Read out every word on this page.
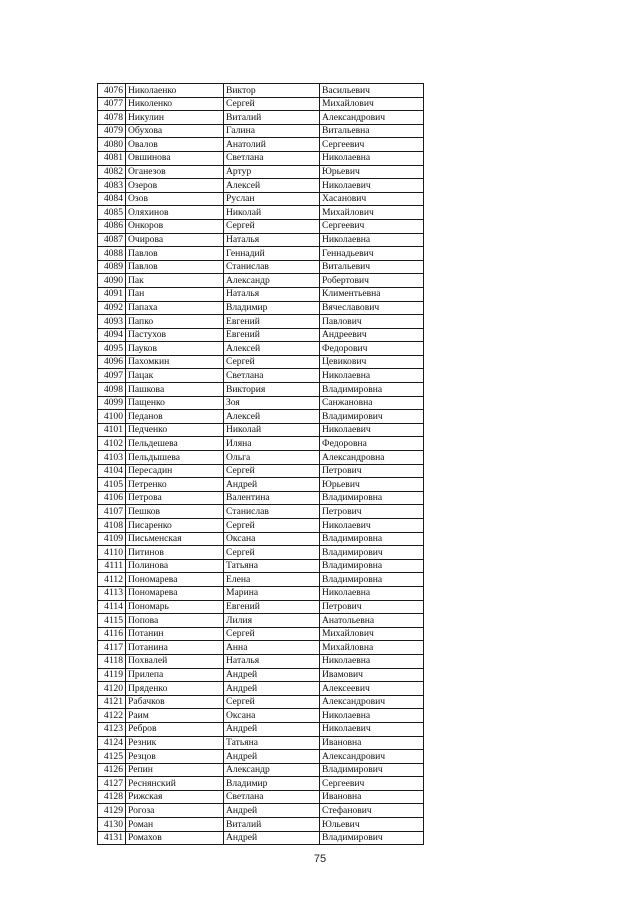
4076	Николаенко	Виктор	Васильевич
4077	Николенко	Сергей	Михайлович
4078	Никулин	Виталий	Александрович
4079	Обухова	Галина	Витальевна
4080	Овалов	Анатолий	Сергеевич
4081	Овшинова	Светлана	Николаевна
4082	Оганезов	Артур	Юрьевич
4083	Озеров	Алексей	Николаевич
4084	Озов	Руслан	Хасанович
4085	Оляхинов	Николай	Михайлович
4086	Онкоров	Сергей	Сергеевич
4087	Очирова	Наталья	Николаевна
4088	Павлов	Геннадий	Геннадьевич
4089	Павлов	Станислав	Витальевич
4090	Пак	Александр	Робертович
4091	Пан	Наталья	Климентьевна
4092	Папаха	Владимир	Вячеславович
4093	Папко	Евгений	Павлович
4094	Пастухов	Евгений	Андреевич
4095	Пауков	Алексей	Федорович
4096	Пахомкин	Сергей	Цевикович
4097	Пацак	Светлана	Николаевна
4098	Пашкова	Виктория	Владимировна
4099	Пащенко	Зоя	Санжановна
4100	Педанов	Алексей	Владимирович
4101	Педченко	Николай	Николаевич
4102	Пельдешева	Иляна	Федоровна
4103	Пельдышева	Ольга	Александровна
4104	Пересадин	Сергей	Петрович
4105	Петренко	Андрей	Юрьевич
4106	Петрова	Валентина	Владимировна
4107	Пешков	Станислав	Петрович
4108	Писаренко	Сергей	Николаевич
4109	Письменская	Оксана	Владимировна
4110	Питинов	Сергей	Владимирович
4111	Полинова	Татьяна	Владимировна
4112	Пономарева	Елена	Владимировна
4113	Пономарева	Марина	Николаевна
4114	Пономарь	Евгений	Петрович
4115	Попова	Лилия	Анатольевна
4116	Потанин	Сергей	Михайлович
4117	Потанина	Анна	Михайловна
4118	Похвалей	Наталья	Николаевна
4119	Прилепа	Андрей	Ивамович
4120	Пряденко	Андрей	Алексеевич
4121	Рабачков	Сергей	Александрович
4122	Раим	Оксана	Николаевна
4123	Ребров	Андрей	Николаевич
4124	Резник	Татьяна	Ивановна
4125	Резцов	Андрей	Александрович
4126	Репин	Александр	Владимирович
4127	Реснянский	Владимир	Сергеевич
4128	Рижская	Светлана	Ивановна
4129	Рогоза	Андрей	Стефанович
4130	Роман	Виталий	Юльевич
4131	Ромахов	Андрей	Владимирович
75
